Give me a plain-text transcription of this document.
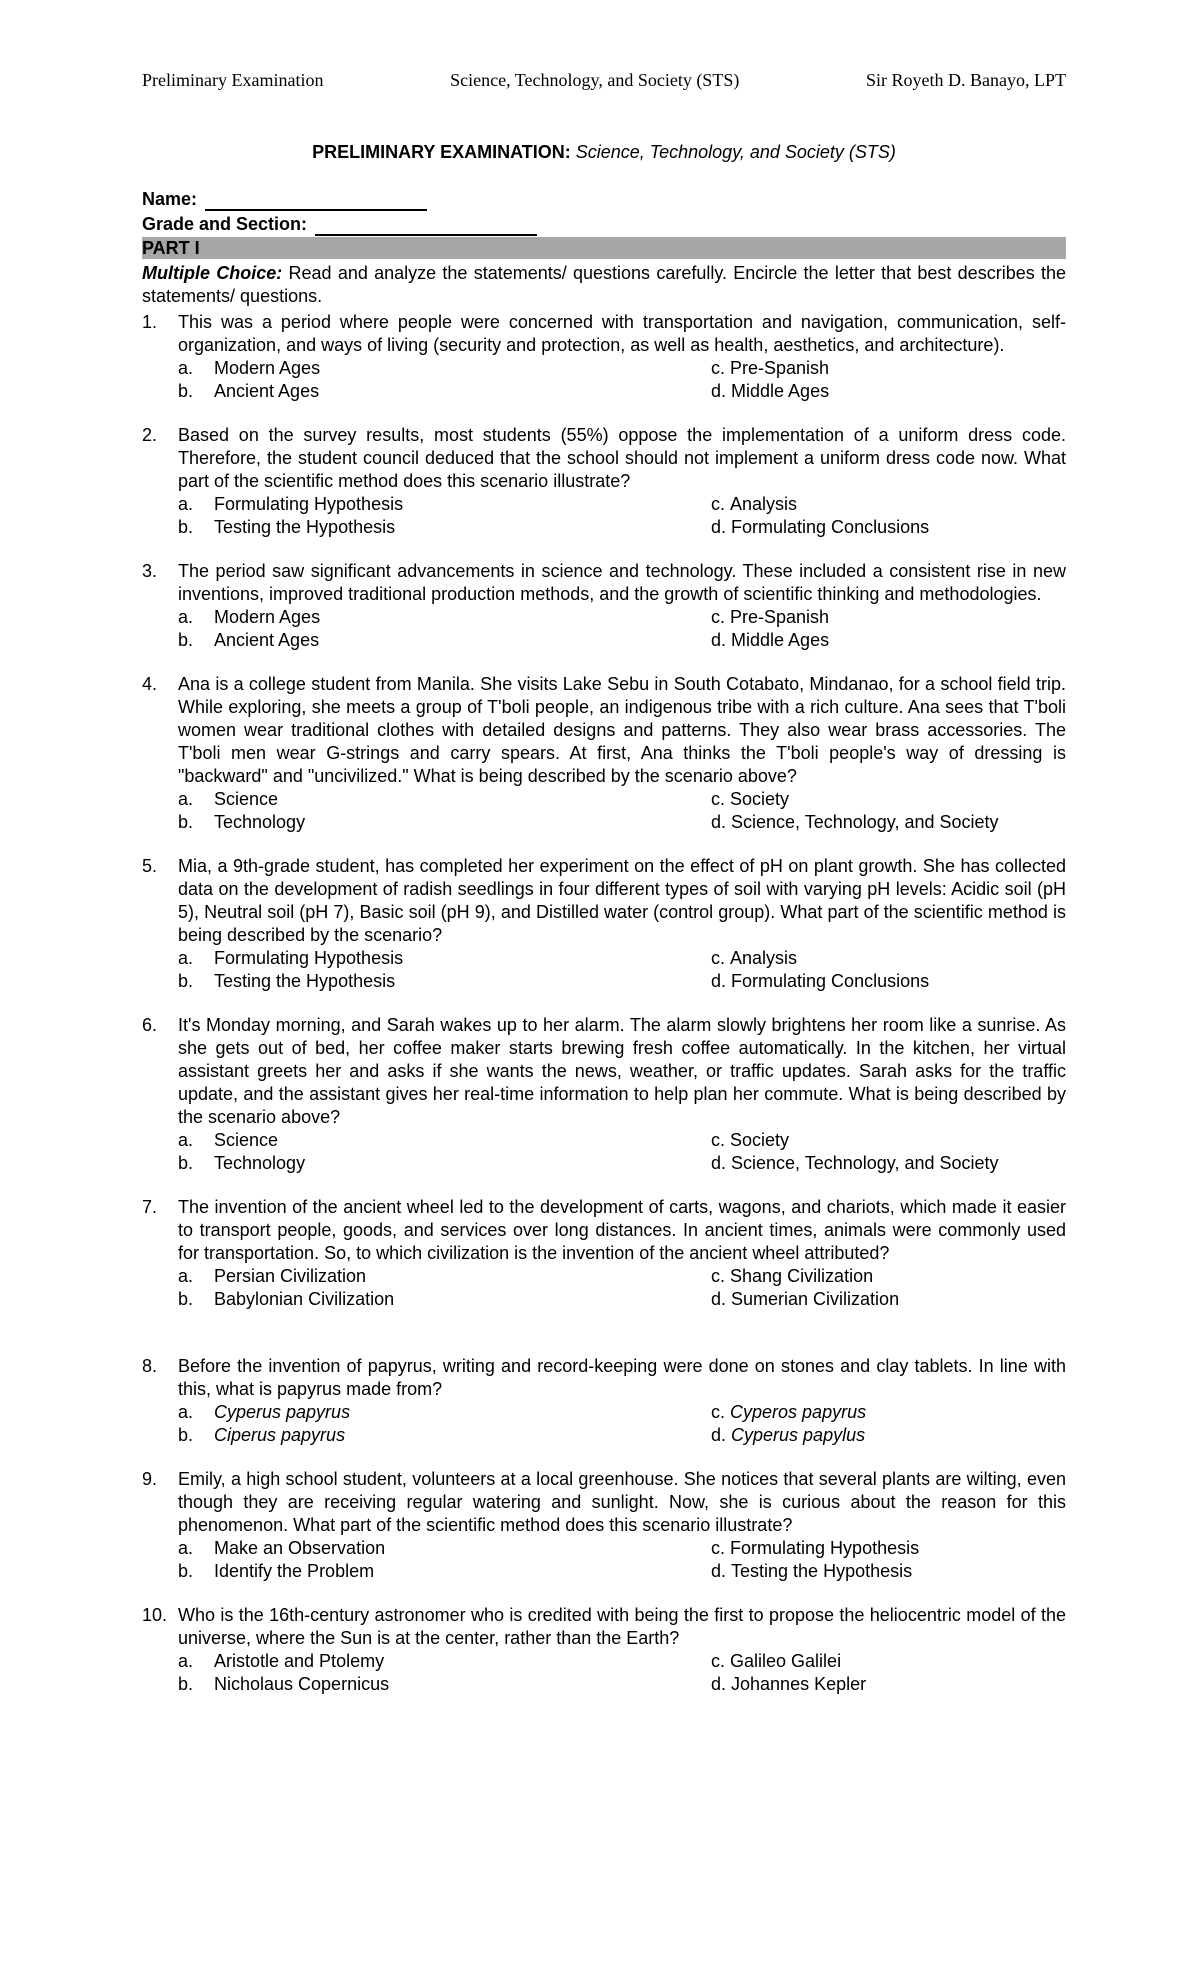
Preliminary Examination	Science, Technology, and Society (STS)	Sir Royeth D. Banayo, LPT
PRELIMINARY EXAMINATION: Science, Technology, and Society (STS)
Name:
Grade and Section:
PART I
Multiple Choice: Read and analyze the statements/ questions carefully. Encircle the letter that best describes the statements/ questions.
1. This was a period where people were concerned with transportation and navigation, communication, self-organization, and ways of living (security and protection, as well as health, aesthetics, and architecture).
a.	Modern Ages	c. Pre-Spanish
b.	Ancient Ages	d. Middle Ages
2. Based on the survey results, most students (55%) oppose the implementation of a uniform dress code. Therefore, the student council deduced that the school should not implement a uniform dress code now. What part of the scientific method does this scenario illustrate?
a.	Formulating Hypothesis	c. Analysis
b.	Testing the Hypothesis	d. Formulating Conclusions
3. The period saw significant advancements in science and technology. These included a consistent rise in new inventions, improved traditional production methods, and the growth of scientific thinking and methodologies.
a.	Modern Ages	c. Pre-Spanish
b.	Ancient Ages	d. Middle Ages
4. Ana is a college student from Manila. She visits Lake Sebu in South Cotabato, Mindanao, for a school field trip. While exploring, she meets a group of T'boli people, an indigenous tribe with a rich culture. Ana sees that T'boli women wear traditional clothes with detailed designs and patterns. They also wear brass accessories. The T'boli men wear G-strings and carry spears. At first, Ana thinks the T'boli people's way of dressing is "backward" and "uncivilized." What is being described by the scenario above?
a.	Science	c. Society
b.	Technology	d. Science, Technology, and Society
5. Mia, a 9th-grade student, has completed her experiment on the effect of pH on plant growth. She has collected data on the development of radish seedlings in four different types of soil with varying pH levels: Acidic soil (pH 5), Neutral soil (pH 7), Basic soil (pH 9), and Distilled water (control group). What part of the scientific method is being described by the scenario?
a.	Formulating Hypothesis	c. Analysis
b.	Testing the Hypothesis	d. Formulating Conclusions
6. It's Monday morning, and Sarah wakes up to her alarm. The alarm slowly brightens her room like a sunrise. As she gets out of bed, her coffee maker starts brewing fresh coffee automatically. In the kitchen, her virtual assistant greets her and asks if she wants the news, weather, or traffic updates. Sarah asks for the traffic update, and the assistant gives her real-time information to help plan her commute. What is being described by the scenario above?
a.	Science	c. Society
b.	Technology	d. Science, Technology, and Society
7. The invention of the ancient wheel led to the development of carts, wagons, and chariots, which made it easier to transport people, goods, and services over long distances. In ancient times, animals were commonly used for transportation. So, to which civilization is the invention of the ancient wheel attributed?
a.	Persian Civilization	c. Shang Civilization
b.	Babylonian Civilization	d. Sumerian Civilization
8. Before the invention of papyrus, writing and record-keeping were done on stones and clay tablets. In line with this, what is papyrus made from?
a.	Cyperus papyrus	c. Cyperos papyrus
b.	Ciperus papyrus	d. Cyperus papylus
9. Emily, a high school student, volunteers at a local greenhouse. She notices that several plants are wilting, even though they are receiving regular watering and sunlight. Now, she is curious about the reason for this phenomenon. What part of the scientific method does this scenario illustrate?
a.	Make an Observation	c. Formulating Hypothesis
b.	Identify the Problem	d. Testing the Hypothesis
10. Who is the 16th-century astronomer who is credited with being the first to propose the heliocentric model of the universe, where the Sun is at the center, rather than the Earth?
a.	Aristotle and Ptolemy	c. Galileo Galilei
b.	Nicholaus Copernicus	d. Johannes Kepler
